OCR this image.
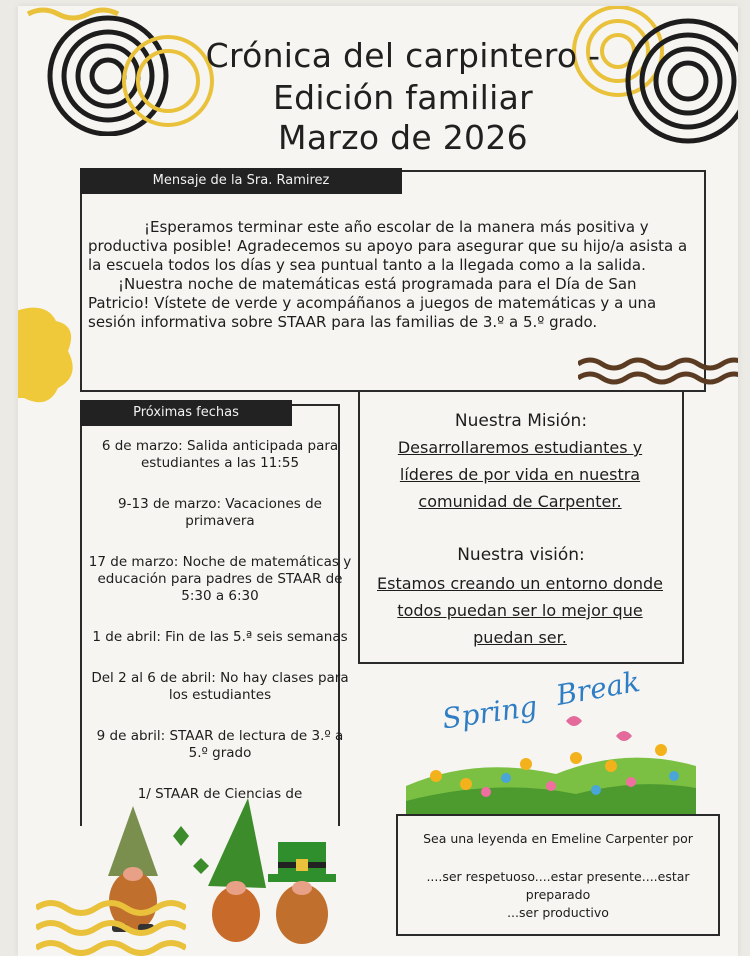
Crónica del carpintero -
Edición familiar
Marzo de 2026
Mensaje de la Sra. Ramirez

¡Esperamos terminar este año escolar de la manera más positiva y productiva posible! Agradecemos su apoyo para asegurar que su hijo/a asista a la escuela todos los días y sea puntual tanto a la llegada como a la salida.

¡Nuestra noche de matemáticas está programada para el Día de San Patricio! Vístete de verde y acompáñanos a juegos de matemáticas y a una sesión informativa sobre STAAR para las familias de 3.º a 5.º grado.

Próximas fechas
6 de marzo: Salida anticipada para estudiantes a las 11:55
9-13 de marzo: Vacaciones de primavera
17 de marzo: Noche de matemáticas y educación para padres de STAAR de 5:30 a 6:30
1 de abril: Fin de las 5.ª seis semanas
Del 2 al 6 de abril: No hay clases para los estudiantes
9 de abril: STAAR de lectura de 3.º a 5.º grado
1/ STAAR de Ciencias de
Nuestra Misión:
Desarrollaremos estudiantes y líderes de por vida en nuestra comunidad de Carpenter.
Nuestra visión:
Estamos creando un entorno donde todos puedan ser lo mejor que puedan ser.
Spring
Break
Sea una leyenda en Emeline Carpenter por
....ser respetuoso....estar presente....estar
preparado
...ser productivo
